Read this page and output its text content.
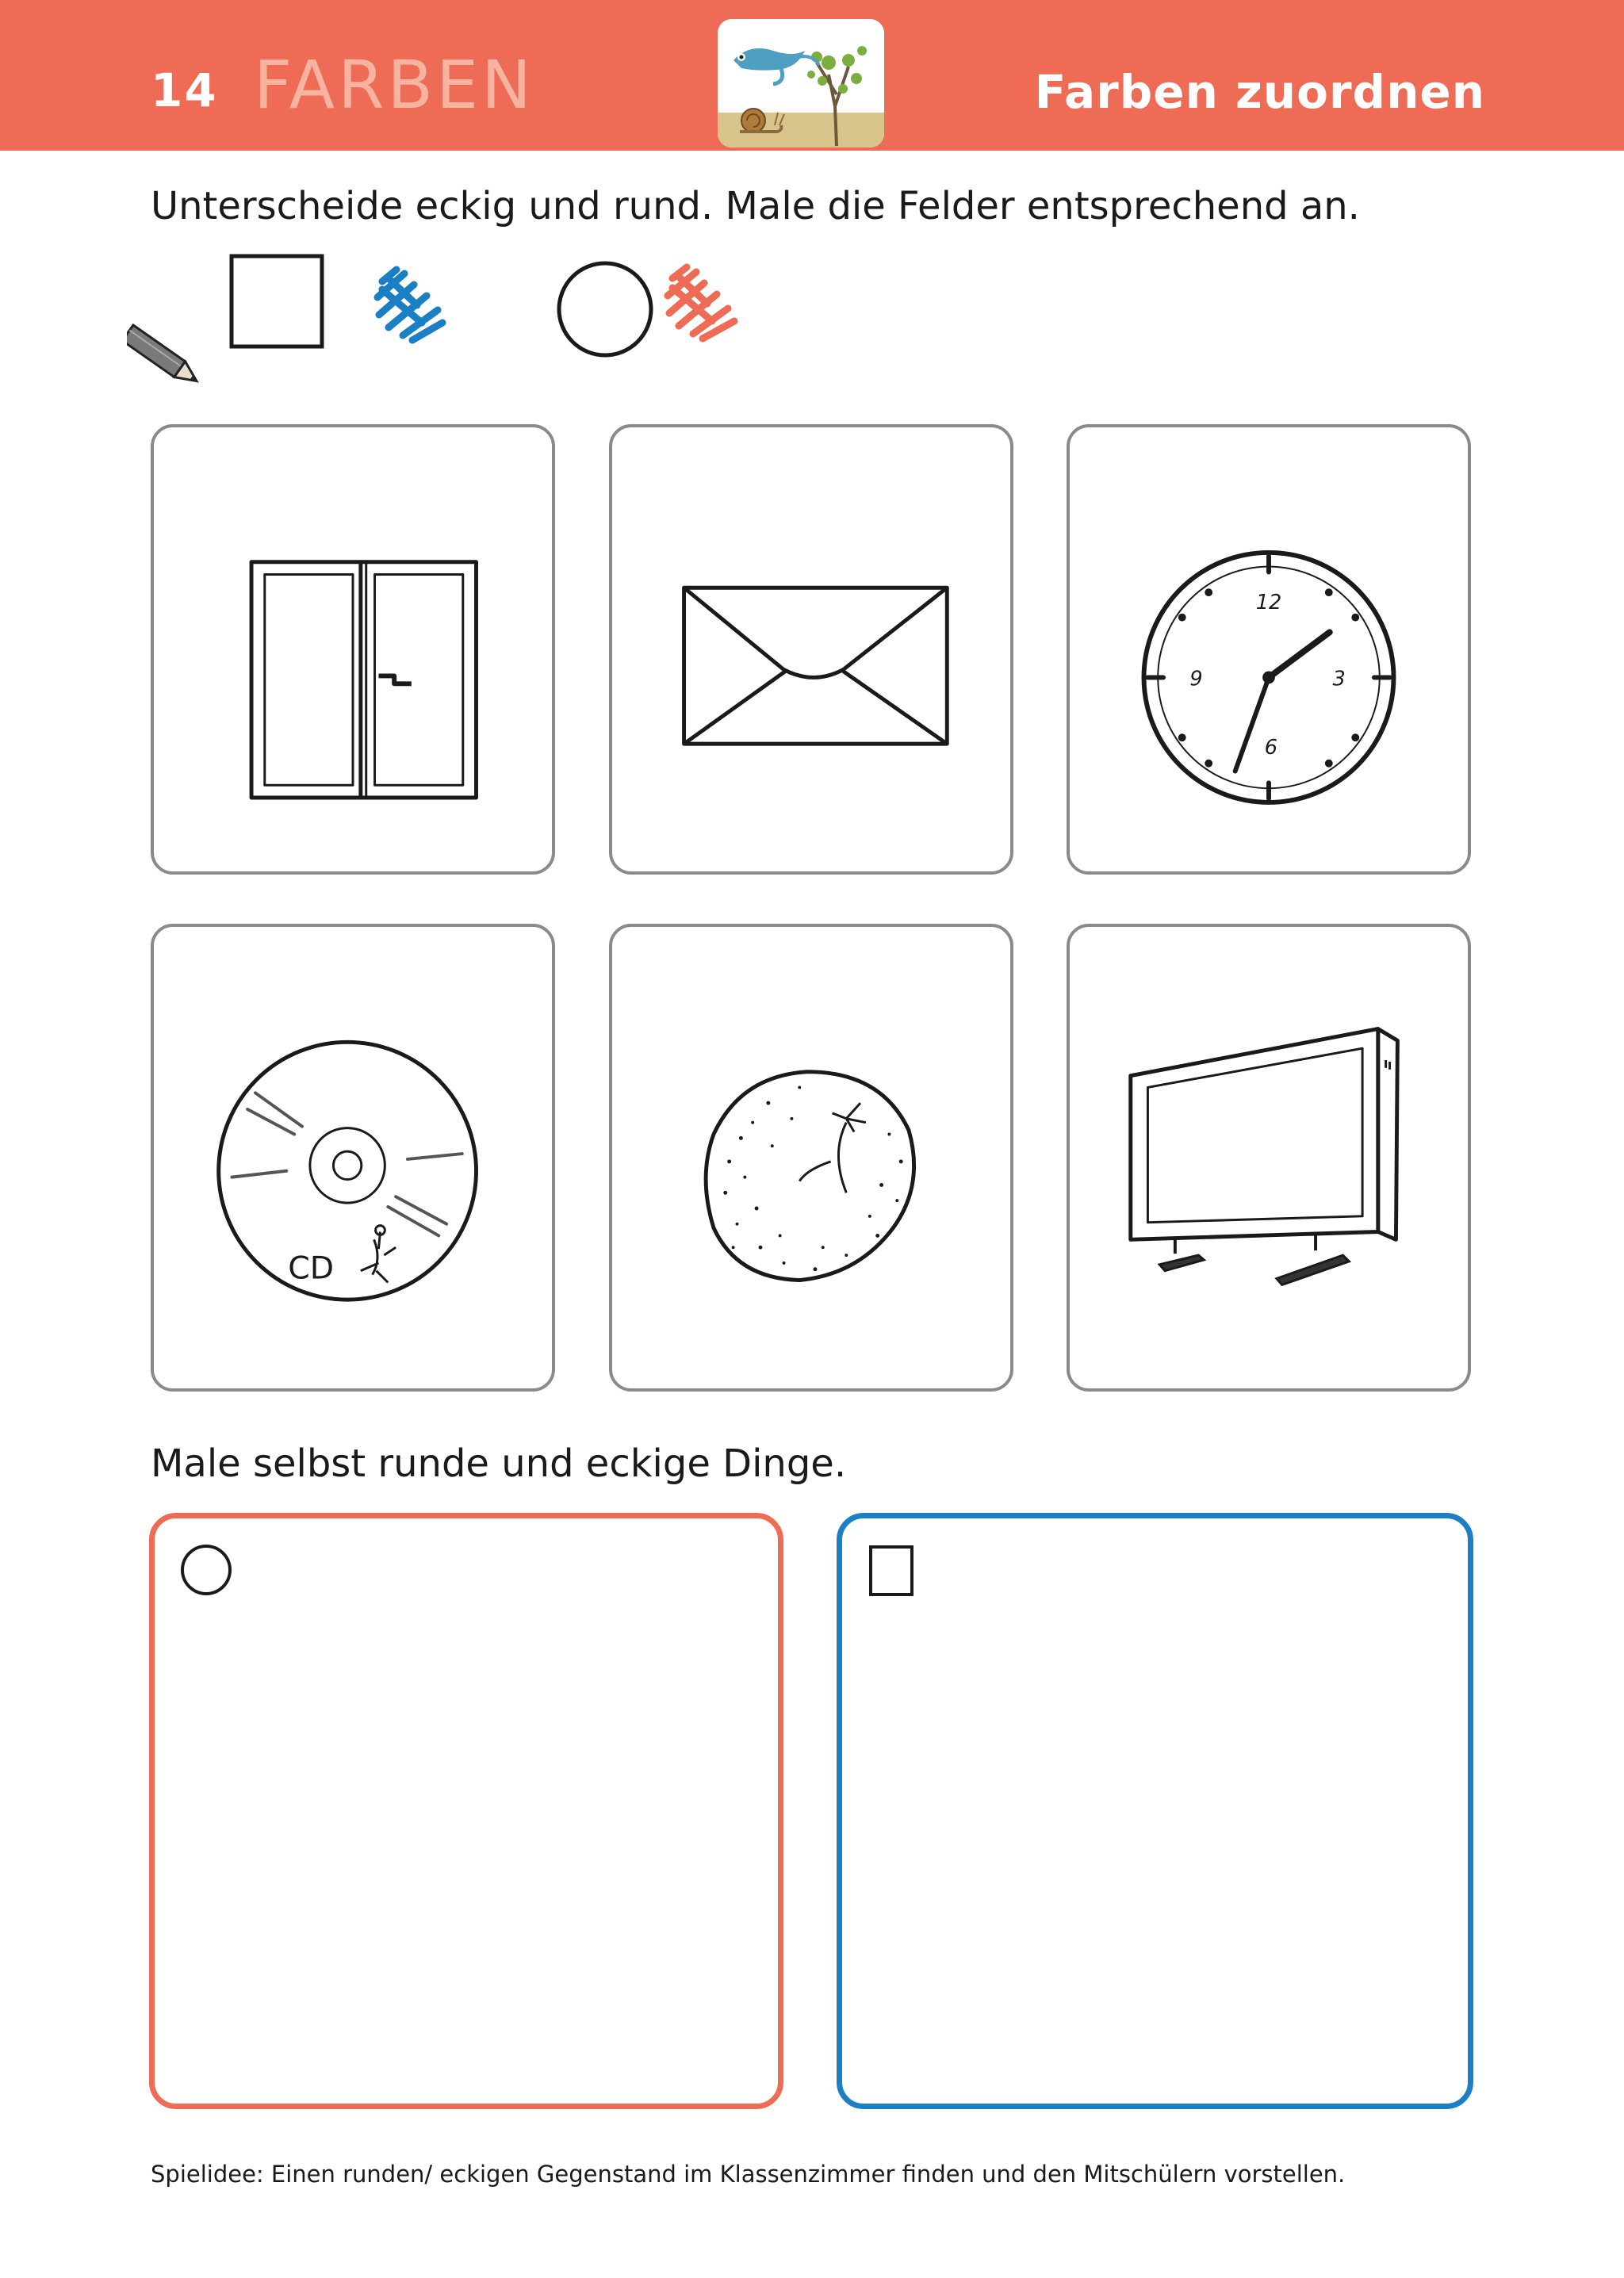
14 FARBEN	Farben zuordnen
Unterscheide eckig und rund. Male die Felder entsprechend an.
12
3
6
9
CD
Male selbst runde und eckige Dinge.
Spielidee: Einen runden/ eckigen Gegenstand im Klassenzimmer finden und den Mitschülern vorstellen.
